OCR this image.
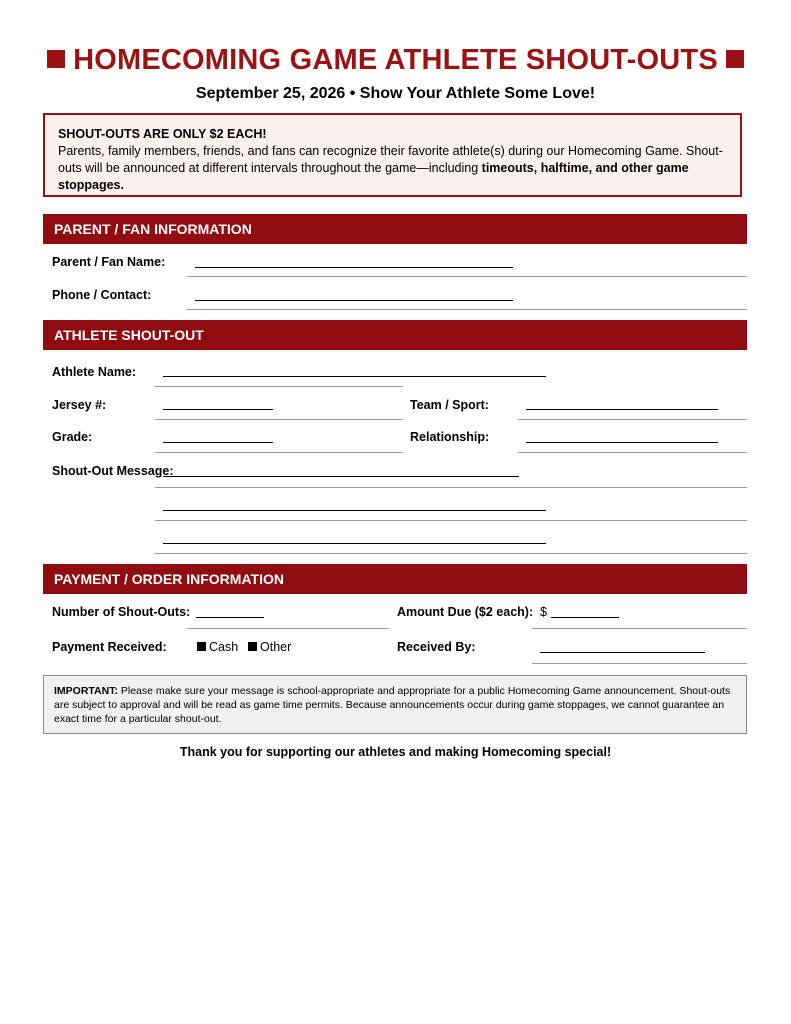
HOMECOMING GAME ATHLETE SHOUT-OUTS
September 25, 2026 • Show Your Athlete Some Love!
SHOUT-OUTS ARE ONLY $2 EACH!
Parents, family members, friends, and fans can recognize their favorite athlete(s) during our Homecoming Game. Shout-outs will be announced at different intervals throughout the game—including timeouts, halftime, and other game stoppages.
PARENT / FAN INFORMATION
Parent / Fan Name:
Phone / Contact:
ATHLETE SHOUT-OUT
Athlete Name:
Jersey #:	Team / Sport:
Grade:	Relationship:
Shout-Out Message:
PAYMENT / ORDER INFORMATION
Number of Shout-Outs:	Amount Due ($2 each): $
Payment Received:	Cash	Other	Received By:
IMPORTANT: Please make sure your message is school-appropriate and appropriate for a public Homecoming Game announcement. Shout-outs are subject to approval and will be read as game time permits. Because announcements occur during game stoppages, we cannot guarantee an exact time for a particular shout-out.
Thank you for supporting our athletes and making Homecoming special!
